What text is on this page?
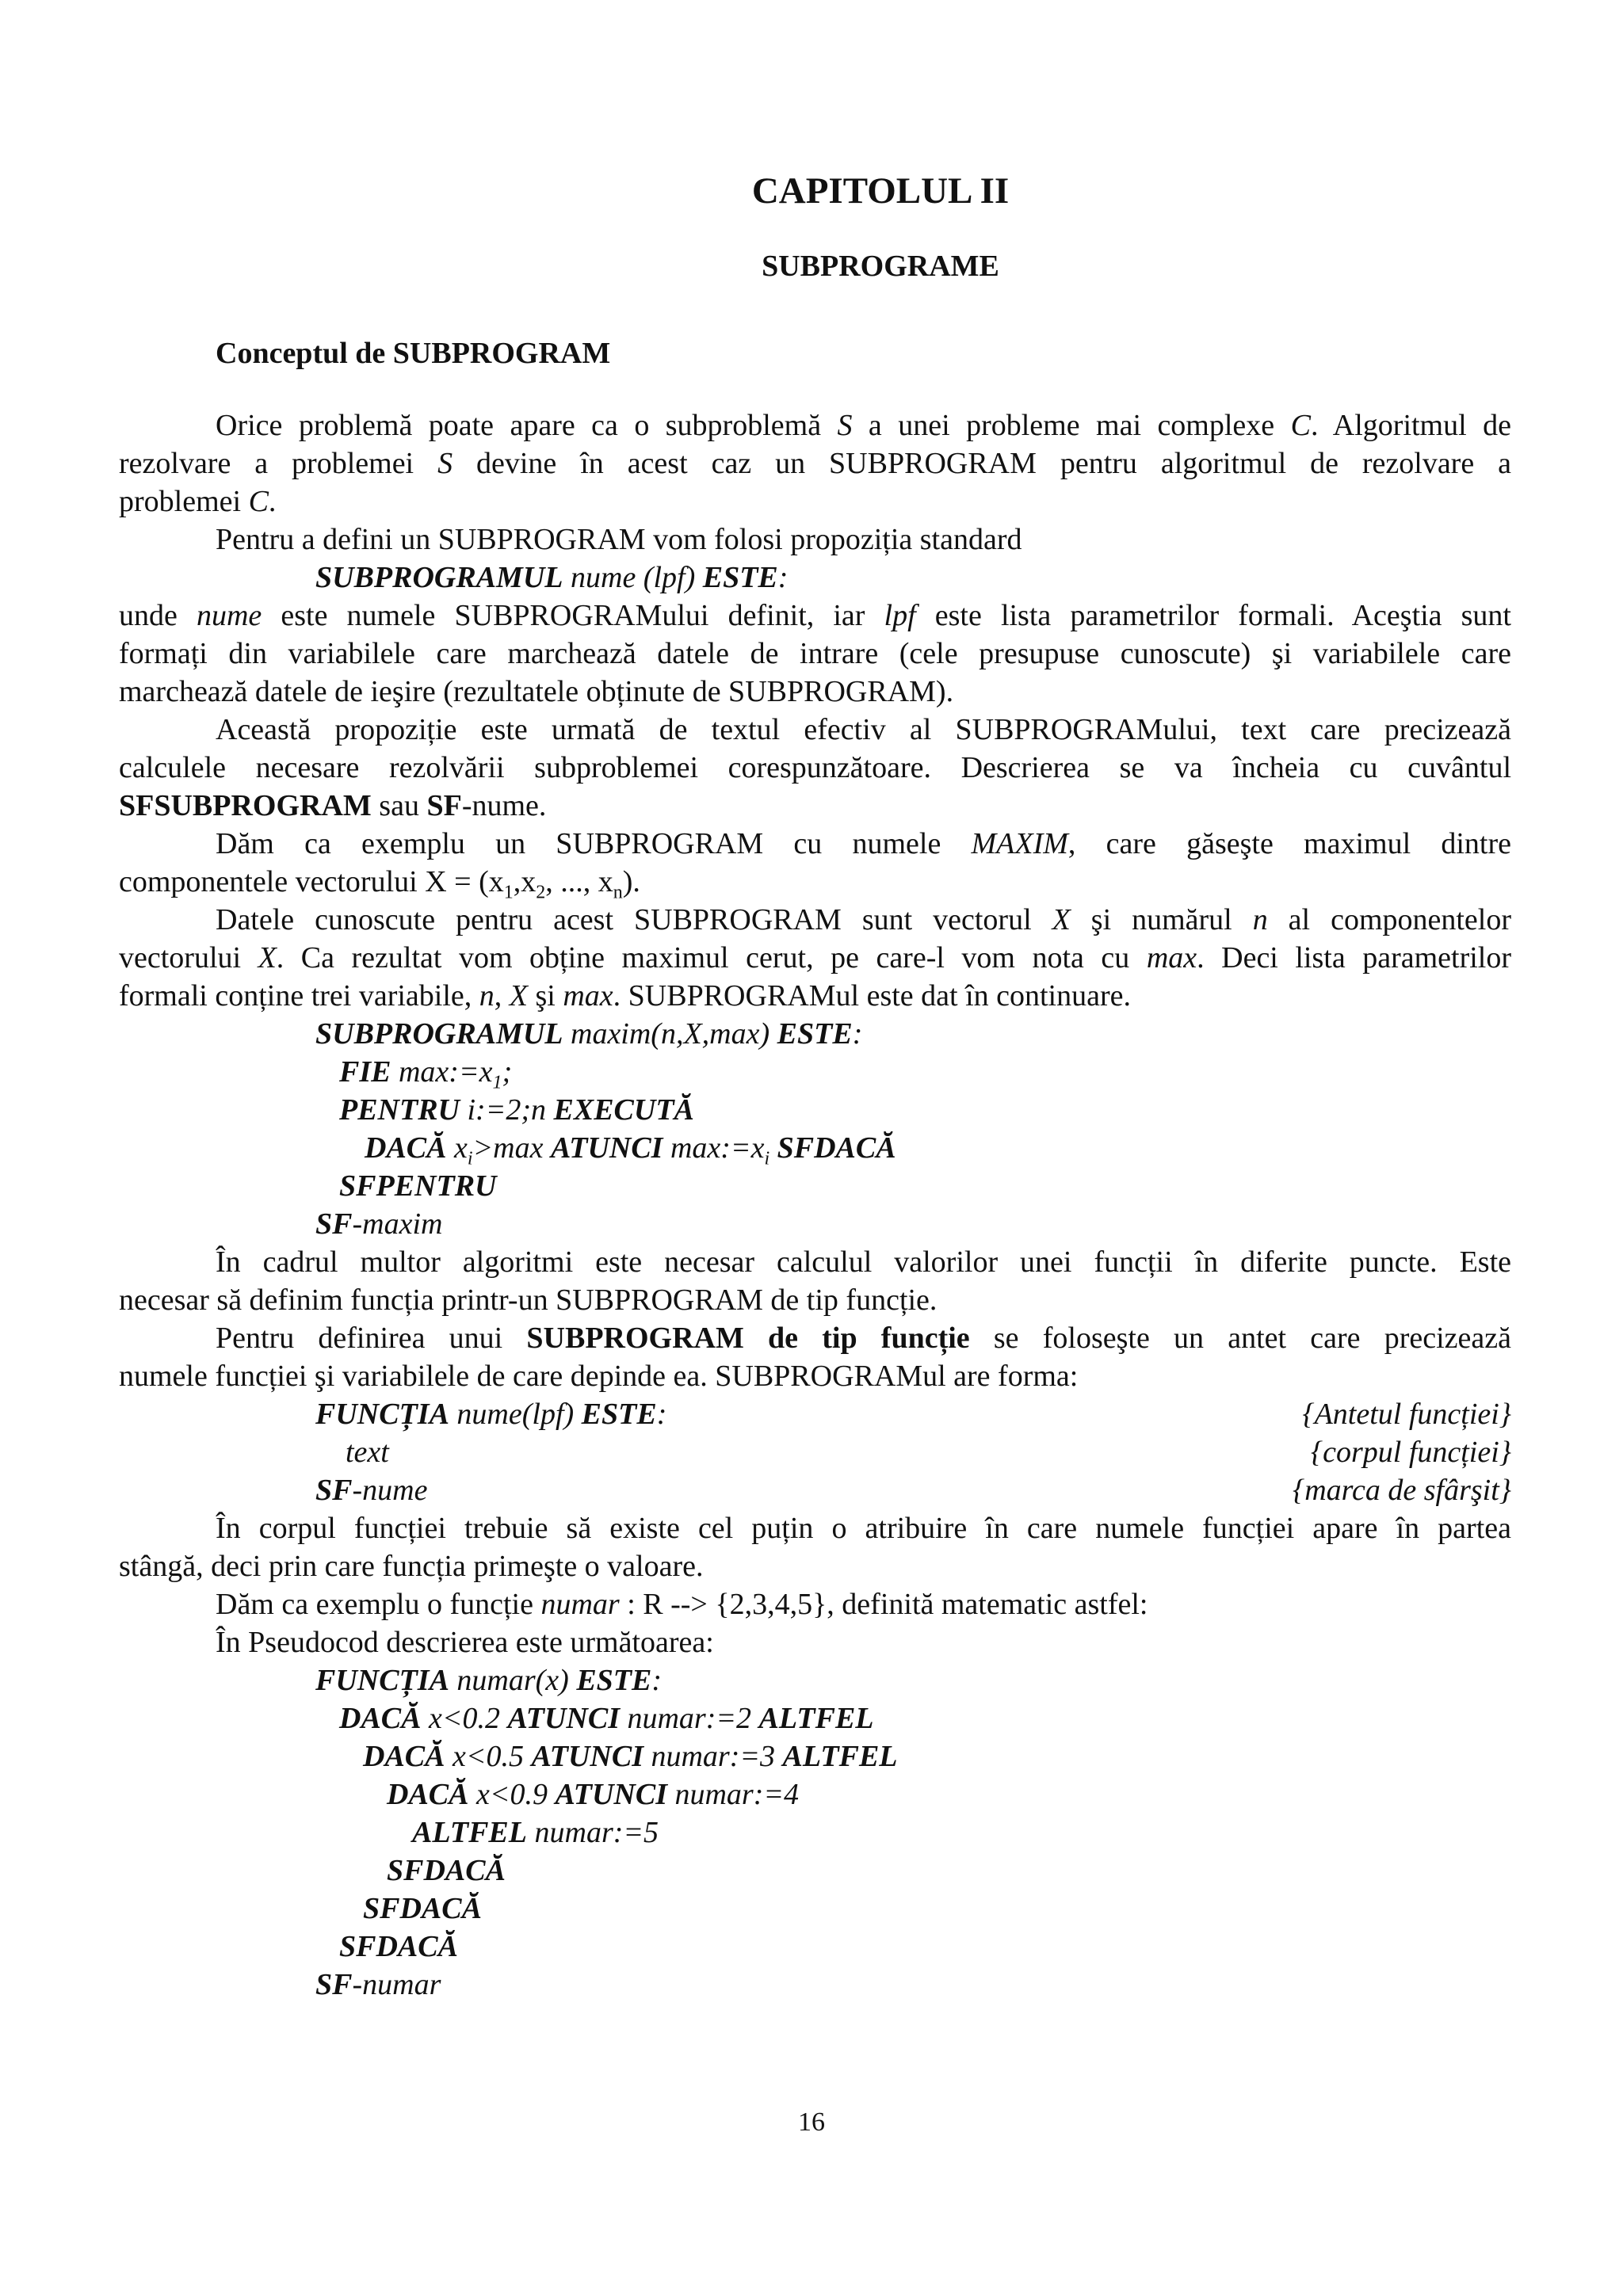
CAPITOLUL II
SUBPROGRAME
Conceptul de SUBPROGRAM
Orice problemă poate apare ca o subproblemă S a unei probleme mai complexe C. Algoritmul de
rezolvare a problemei S devine în acest caz un SUBPROGRAM pentru algoritmul de rezolvare a
problemei C.
Pentru a defini un SUBPROGRAM vom folosi propoziția standard
SUBPROGRAMUL nume (lpf) ESTE:
unde nume este numele SUBPROGRAMului definit, iar lpf este lista parametrilor formali. Aceştia sunt
formați din variabilele care marchează datele de intrare (cele presupuse cunoscute) şi variabilele care
marchează datele de ieşire (rezultatele obținute de SUBPROGRAM).
Această propoziție este urmată de textul efectiv al SUBPROGRAMului, text care precizează
calculele necesare rezolvării subproblemei corespunzătoare. Descrierea se va încheia cu cuvântul
SFSUBPROGRAM sau SF-nume.
Dăm ca exemplu un SUBPROGRAM cu numele MAXIM, care găseşte maximul dintre
componentele vectorului $X = (x_1,x_2$, ..., $x_n$).
Datele cunoscute pentru acest SUBPROGRAM sunt vectorul X şi numărul n al componentelor
vectorului X. Ca rezultat vom obține maximul cerut, pe care-l vom nota cu max. Deci lista parametrilor
formali conține trei variabile, n, X şi max. SUBPROGRAMul este dat în continuare.
SUBPROGRAMUL maxim(n,X,max) ESTE:
FIE $\max:=x_1$;
PENTRU i:=2;n EXECUTĂ
DACĂ $x_i>\max$ ATUNCI $\max:=x_i$ SFDACĂ
SFPENTRU
SF-maxim
În cadrul multor algoritmi este necesar calculul valorilor unei funcții în diferite puncte. Este
necesar să definim funcția printr-un SUBPROGRAM de tip funcție.
Pentru definirea unui SUBPROGRAM de tip funcție se foloseşte un antet care precizează
numele funcției şi variabilele de care depinde ea. SUBPROGRAMul are forma:
FUNCȚIA nume(lpf) ESTE:	{Antetul funcției}
text	{corpul funcției}
SF-nume	{marca de sfârşit}
În corpul funcției trebuie să existe cel puțin o atribuire în care numele funcției apare în partea
stângă, deci prin care funcția primeşte o valoare.
Dăm ca exemplu o funcție numar : R --> {2,3,4,5}, definită matematic astfel:
În Pseudocod descrierea este următoarea:
FUNCȚIA numar(x) ESTE:
DACĂ x<0.2 ATUNCI numar:=2 ALTFEL
DACĂ x<0.5 ATUNCI numar:=3 ALTFEL
DACĂ x<0.9 ATUNCI numar:=4
ALTFEL numar:=5
SFDACĂ
SFDACĂ
SFDACĂ
SF-numar
16
